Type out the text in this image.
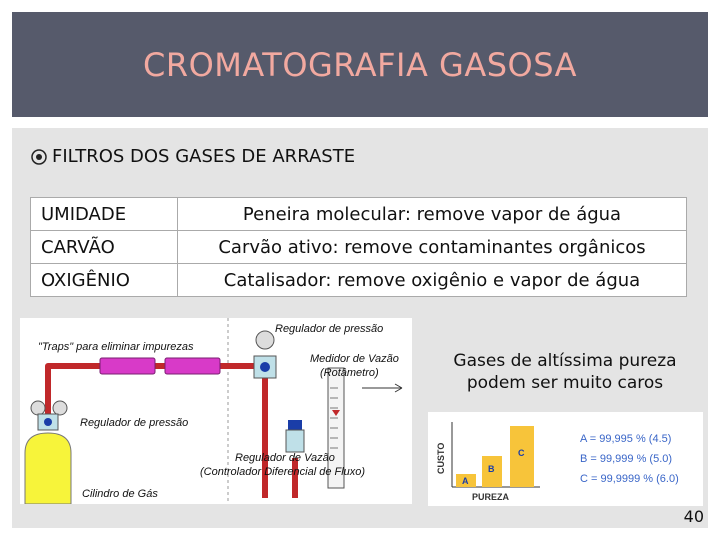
CROMATOGRAFIA GASOSA
FILTROS DOS GASES DE ARRASTE
UMIDADE	Peneira molecular: remove vapor de água
CARVÃO	Carvão ativo: remove contaminantes orgânicos
OXIGÊNIO	Catalisador: remove oxigênio e vapor de água
"Traps" para eliminar impurezas
Regulador de pressão
Medidor de Vazão
(Rotâmetro)
Regulador de pressão
Regulador de Vazão
(Controlador Diferencial de Fluxo)
Cilindro de Gás
Gases de altíssima pureza
podem ser muito caros
CUSTO
A
B
C
PUREZA
A = 99,995 % (4.5)
B = 99,999 % (5.0)
C = 99,9999 % (6.0)
40
